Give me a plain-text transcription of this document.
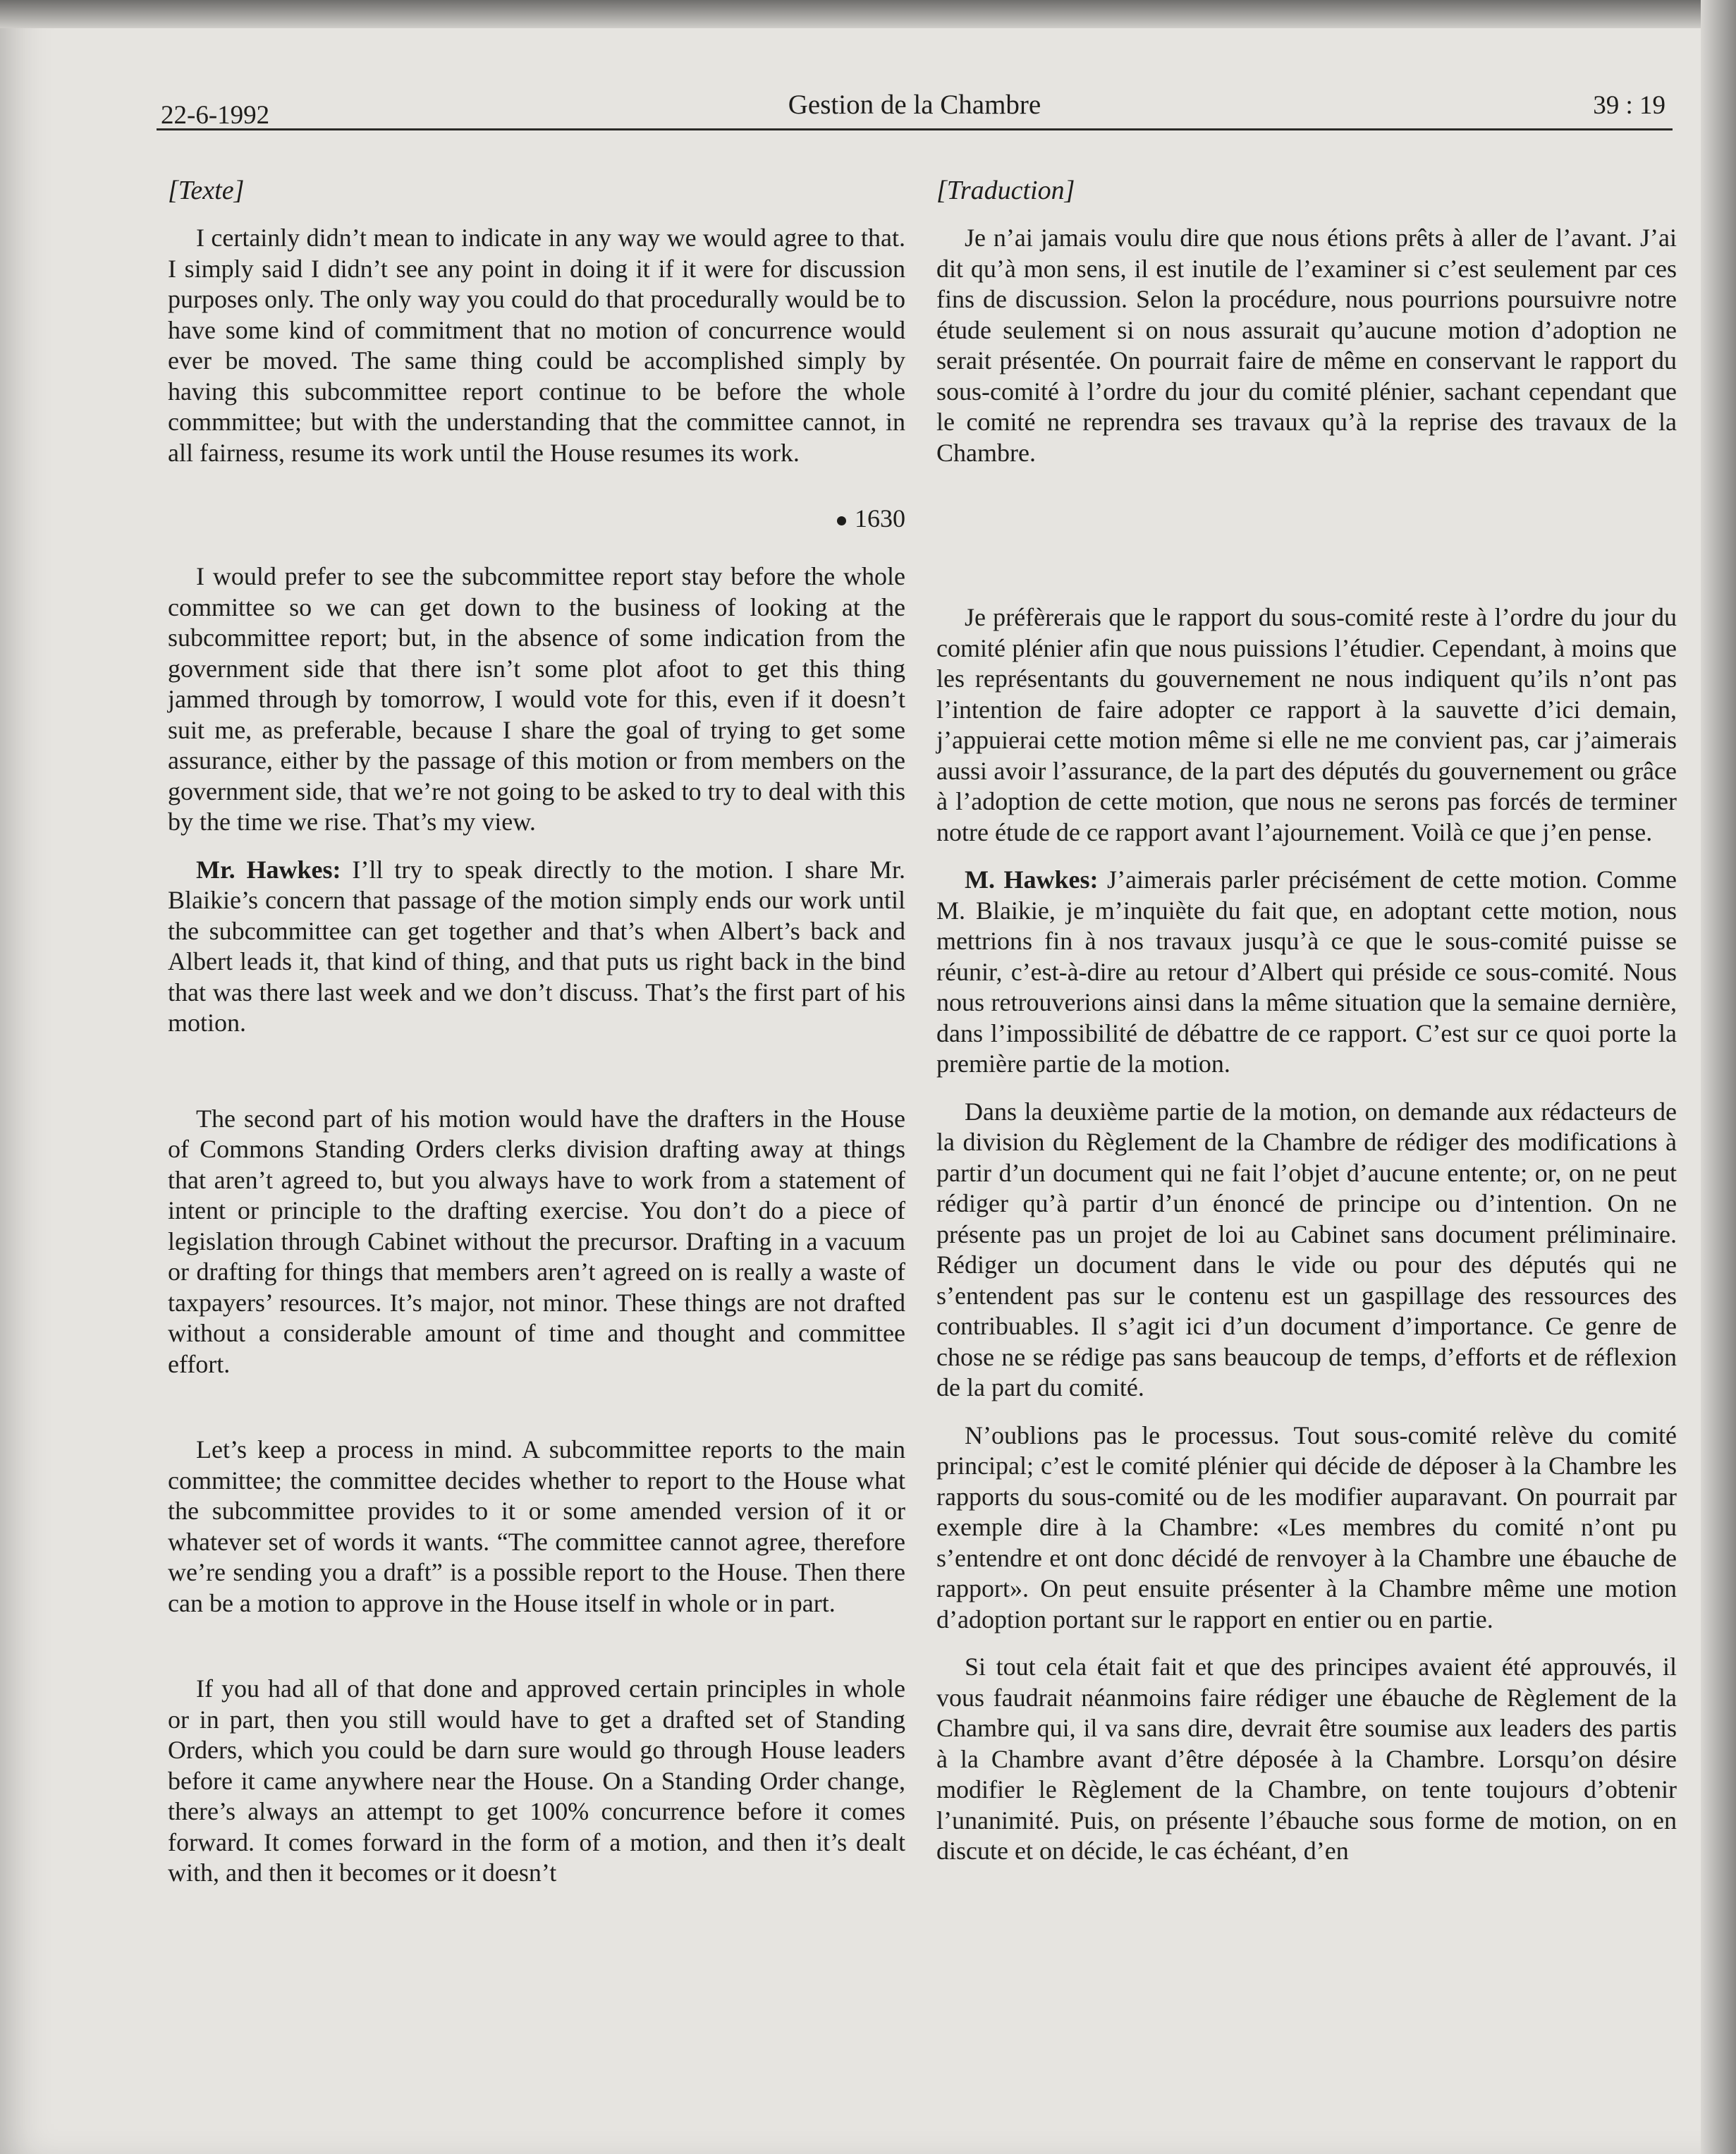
22-6-1992	Gestion de la Chambre	39 : 19
[Texte]

I certainly didn’t mean to indicate in any way we would agree to that. I simply said I didn’t see any point in doing it if it were for discussion purposes only. The only way you could do that procedurally would be to have some kind of commitment that no motion of concurrence would ever be moved. The same thing could be accomplished simply by having this subcommittee report continue to be before the whole commmittee; but with the understanding that the committee cannot, in all fairness, resume its work until the House resumes its work.

1630

I would prefer to see the subcommittee report stay before the whole committee so we can get down to the business of looking at the subcommittee report; but, in the absence of some indication from the government side that there isn’t some plot afoot to get this thing jammed through by tomorrow, I would vote for this, even if it doesn’t suit me, as preferable, because I share the goal of trying to get some assurance, either by the passage of this motion or from members on the government side, that we’re not going to be asked to try to deal with this by the time we rise. That’s my view.

Mr. Hawkes: I’ll try to speak directly to the motion. I share Mr. Blaikie’s concern that passage of the motion simply ends our work until the subcommittee can get together and that’s when Albert’s back and Albert leads it, that kind of thing, and that puts us right back in the bind that was there last week and we don’t discuss. That’s the first part of his motion.

The second part of his motion would have the drafters in the House of Commons Standing Orders clerks division drafting away at things that aren’t agreed to, but you always have to work from a statement of intent or principle to the drafting exercise. You don’t do a piece of legislation through Cabinet without the precursor. Drafting in a vacuum or drafting for things that members aren’t agreed on is really a waste of taxpayers’ resources. It’s major, not minor. These things are not drafted without a considerable amount of time and thought and committee effort.

Let’s keep a process in mind. A subcommittee reports to the main committee; the committee decides whether to report to the House what the subcommittee provides to it or some amended version of it or whatever set of words it wants. “The committee cannot agree, therefore we’re sending you a draft” is a possible report to the House. Then there can be a motion to approve in the House itself in whole or in part.

If you had all of that done and approved certain principles in whole or in part, then you still would have to get a drafted set of Standing Orders, which you could be darn sure would go through House leaders before it came anywhere near the House. On a Standing Order change, there’s always an attempt to get 100% concurrence before it comes forward. It comes forward in the form of a motion, and then it’s dealt with, and then it becomes or it doesn’t

[Traduction]

Je n’ai jamais voulu dire que nous étions prêts à aller de l’avant. J’ai dit qu’à mon sens, il est inutile de l’examiner si c’est seulement par ces fins de discussion. Selon la procédure, nous pourrions poursuivre notre étude seulement si on nous assurait qu’aucune motion d’adoption ne serait présentée. On pourrait faire de même en conservant le rapport du sous-comité à l’ordre du jour du comité plénier, sachant cependant que le comité ne reprendra ses travaux qu’à la reprise des travaux de la Chambre.

Je préfèrerais que le rapport du sous-comité reste à l’ordre du jour du comité plénier afin que nous puissions l’étudier. Cependant, à moins que les représentants du gouvernement ne nous indiquent qu’ils n’ont pas l’intention de faire adopter ce rapport à la sauvette d’ici demain, j’appuierai cette motion même si elle ne me convient pas, car j’aimerais aussi avoir l’assurance, de la part des députés du gouvernement ou grâce à l’adoption de cette motion, que nous ne serons pas forcés de terminer notre étude de ce rapport avant l’ajournement. Voilà ce que j’en pense.

M. Hawkes: J’aimerais parler précisément de cette motion. Comme M. Blaikie, je m’inquiète du fait que, en adoptant cette motion, nous mettrions fin à nos travaux jusqu’à ce que le sous-comité puisse se réunir, c’est-à-dire au retour d’Albert qui préside ce sous-comité. Nous nous retrouverions ainsi dans la même situation que la semaine dernière, dans l’impossibilité de débattre de ce rapport. C’est sur ce quoi porte la première partie de la motion.

Dans la deuxième partie de la motion, on demande aux rédacteurs de la division du Règlement de la Chambre de rédiger des modifications à partir d’un document qui ne fait l’objet d’aucune entente; or, on ne peut rédiger qu’à partir d’un énoncé de principe ou d’intention. On ne présente pas un projet de loi au Cabinet sans document préliminaire. Rédiger un document dans le vide ou pour des députés qui ne s’entendent pas sur le contenu est un gaspillage des ressources des contribuables. Il s’agit ici d’un document d’importance. Ce genre de chose ne se rédige pas sans beaucoup de temps, d’efforts et de réflexion de la part du comité.

N’oublions pas le processus. Tout sous-comité relève du comité principal; c’est le comité plénier qui décide de déposer à la Chambre les rapports du sous-comité ou de les modifier auparavant. On pourrait par exemple dire à la Chambre: «Les membres du comité n’ont pu s’entendre et ont donc décidé de renvoyer à la Chambre une ébauche de rapport». On peut ensuite présenter à la Chambre même une motion d’adoption portant sur le rapport en entier ou en partie.

Si tout cela était fait et que des principes avaient été approuvés, il vous faudrait néanmoins faire rédiger une ébauche de Règlement de la Chambre qui, il va sans dire, devrait être soumise aux leaders des partis à la Chambre avant d’être déposée à la Chambre. Lorsqu’on désire modifier le Règlement de la Chambre, on tente toujours d’obtenir l’unanimité. Puis, on présente l’ébauche sous forme de motion, on en discute et on décide, le cas échéant, d’en
